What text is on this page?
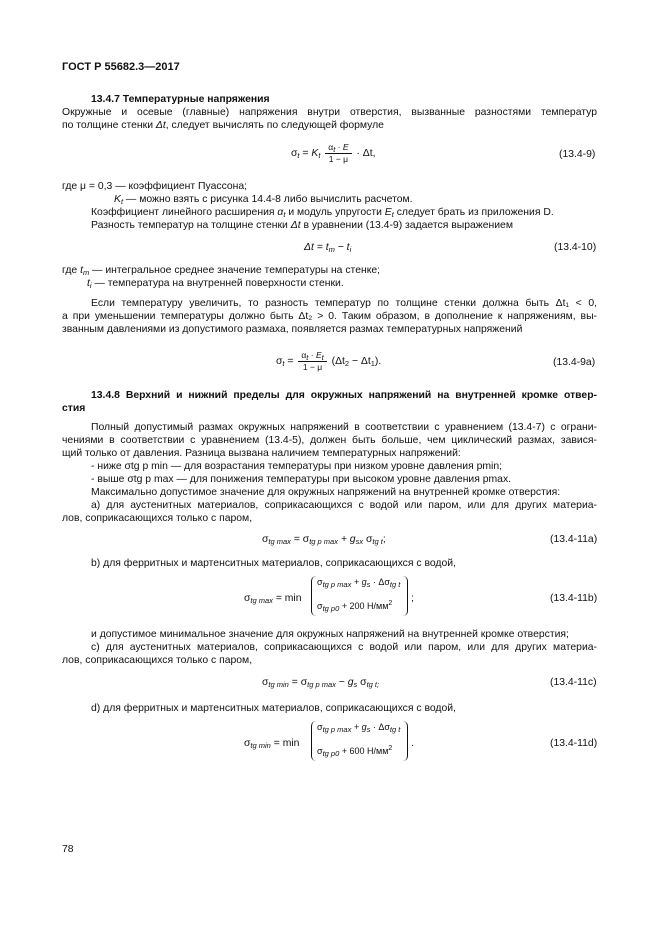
ГОСТ Р 55682.3—2017
13.4.7 Температурные напряжения
Окружные и осевые (главные) напряжения внутри отверстия, вызванные разностями температур
по толщине стенки Δt, следует вычислять по следующей формуле
σt = Kt $\frac{\alpha t \cdot E}{1 - \mu} \cdot \Delta t$,	(13.4-9)
где μ = 0,3 — коэффициент Пуассона;
Kt — можно взять с рисунка 14.4-8 либо вычислить расчетом.
Коэффициент линейного расширения αt и модуль упругости Et следует брать из приложения D.
Разность температур на толщине стенки Δt в уравнении (13.4-9) задается выражением
Δt = tm − ti	(13.4-10)
где tm — интегральное среднее значение температуры на стенке;
ti — температура на внутренней поверхности стенки.
Если температуру увеличить, то разность температур по толщине стенки должна быть Δt₁ < 0,
а при уменьшении температуры должно быть Δt₂ > 0. Таким образом, в дополнение к напряжениям, вы-
званным давлениями из допустимого размаха, появляется размах температурных напряжений
$\sigma t = \frac{\alpha t \cdot Et}{1 - \mu} (\Delta t2 - \Delta t1)$.	(13.4-9a)
13.4.8 Верхний и нижний пределы для окружных напряжений на внутренней кромке отвер-
стия
Полный допустимый размах окружных напряжений в соответствии с уравнением (13.4-7) с ограни-
чениями в соответствии с уравнением (13.4-5), должен быть больше, чем циклический размах, завися-
щий только от давления. Разница вызвана наличием температурных напряжений:
- ниже σtg p min — для возрастания температуры при низком уровне давления pmin;
- выше σtg p max — для понижения температуры при высоком уровне давления pmax.
Максимально допустимое значение для окружных напряжений на внутренней кромке отверстия:
a) для аустенитных материалов, соприкасающихся с водой или паром, или для других материа-
лов, соприкасающихся только с паром,
σtg max = σtg p max + gsx σtg t;	(13.4-11a)
b) для ферритных и мартенситных материалов, соприкасающихся с водой,
σtg max = min
$\sigma_{tg p max} + g_s \cdot \Delta\sigma_{tg t}$
$\sigma_{tg p0} + 200$ $Н/мм^2$ ;	(13.4-11b)
и допустимое минимальное значение для окружных напряжений на внутренней кромке отверстия;
c) для аустенитных материалов, соприкасающихся с водой или паром, или для других материа-
лов, соприкасающихся только с паром,
σtg min = σtg p max − gs σtg t;	(13.4-11c)
d) для ферритных и мартенситных материалов, соприкасающихся с водой,
σtg min = min
$\sigma_{tg p max} + g_s \cdot \Delta\sigma_{tg t}$
$\sigma_{tg p0} + 600$ $Н/мм^2$ .	(13.4-11d)
78
